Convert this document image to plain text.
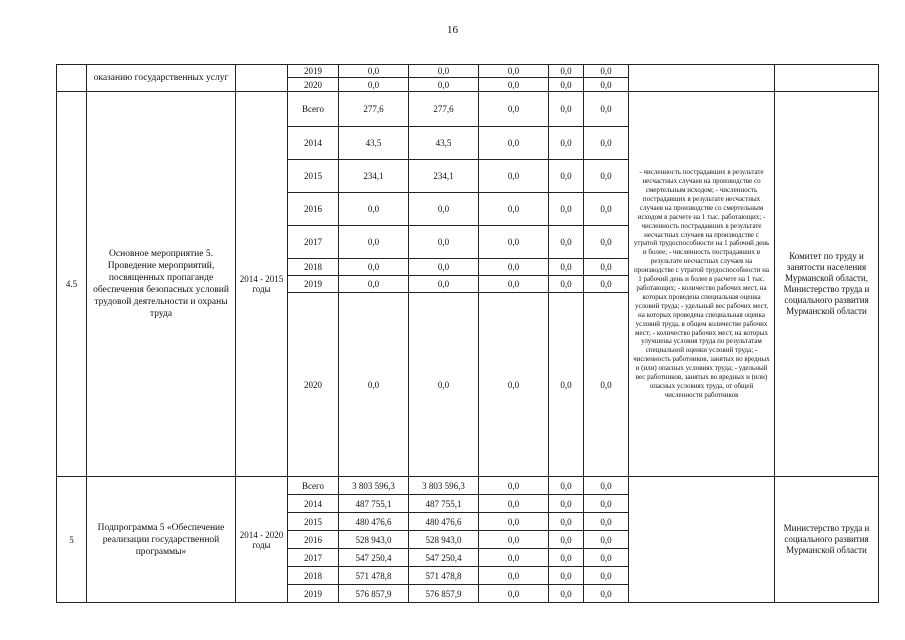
16
	оказанию государственных услуг		2019	0,0	0,0	0,0	0,0	0,0		
			2020	0,0	0,0	0,0	0,0	0,0		
4.5	Основное мероприятие 5. Проведение мероприятий, посвященных пропаганде обеспечения безопасных условий трудовой деятельности и охраны труда	2014 - 2015 годы	Всего	277,6	277,6	0,0	0,0	0,0	- численность пострадавших в результате несчастных случаев на производстве со смертельным исходом; - численность пострадавших в результате несчастных случаев на производстве со смертельным исходом в расчете на 1 тыс. работающих; - численность пострадавших в результате несчастных случаев на производстве с утратой трудоспособности на 1 рабочий день и более; - численность пострадавших в результате несчастных случаев на производстве с утратой трудоспособности на 1 рабочий день и более в расчете на 1 тыс. работающих; - количество рабочих мест, на которых проведена специальная оценка условий труда; - удельный вес рабочих мест, на которых проведена специальная оценка условий труда, в общем количестве рабочих мест; - количество рабочих мест, на которых улучшены условия труда по результатам специальной оценки условий труда; - численность работников, занятых во вредных и (или) опасных условиях труда; - удельный вес работников, занятых во вредных и (или) опасных условиях труда, от общей численности работников	Комитет по труду и занятости населения Мурманской области, Министерство труда и социального развития Мурманской области
			2014	43,5	43,5	0,0	0,0	0,0		
			2015	234,1	234,1	0,0	0,0	0,0		
			2016	0,0	0,0	0,0	0,0	0,0		
			2017	0,0	0,0	0,0	0,0	0,0		
			2018	0,0	0,0	0,0	0,0	0,0		
			2019	0,0	0,0	0,0	0,0	0,0		
			2020	0,0	0,0	0,0	0,0	0,0		
5	Подпрограмма 5 «Обеспечение реализации государственной программы»	2014 - 2020 годы	Всего	3 803 596,3	3 803 596,3	0,0	0,0	0,0		Министерство труда и социального развития Мурманской области
			2014	487 755,1	487 755,1	0,0	0,0	0,0		
			2015	480 476,6	480 476,6	0,0	0,0	0,0		
			2016	528 943,0	528 943,0	0,0	0,0	0,0		
			2017	547 250,4	547 250,4	0,0	0,0	0,0		
			2018	571 478,8	571 478,8	0,0	0,0	0,0		
			2019	576 857,9	576 857,9	0,0	0,0	0,0		
